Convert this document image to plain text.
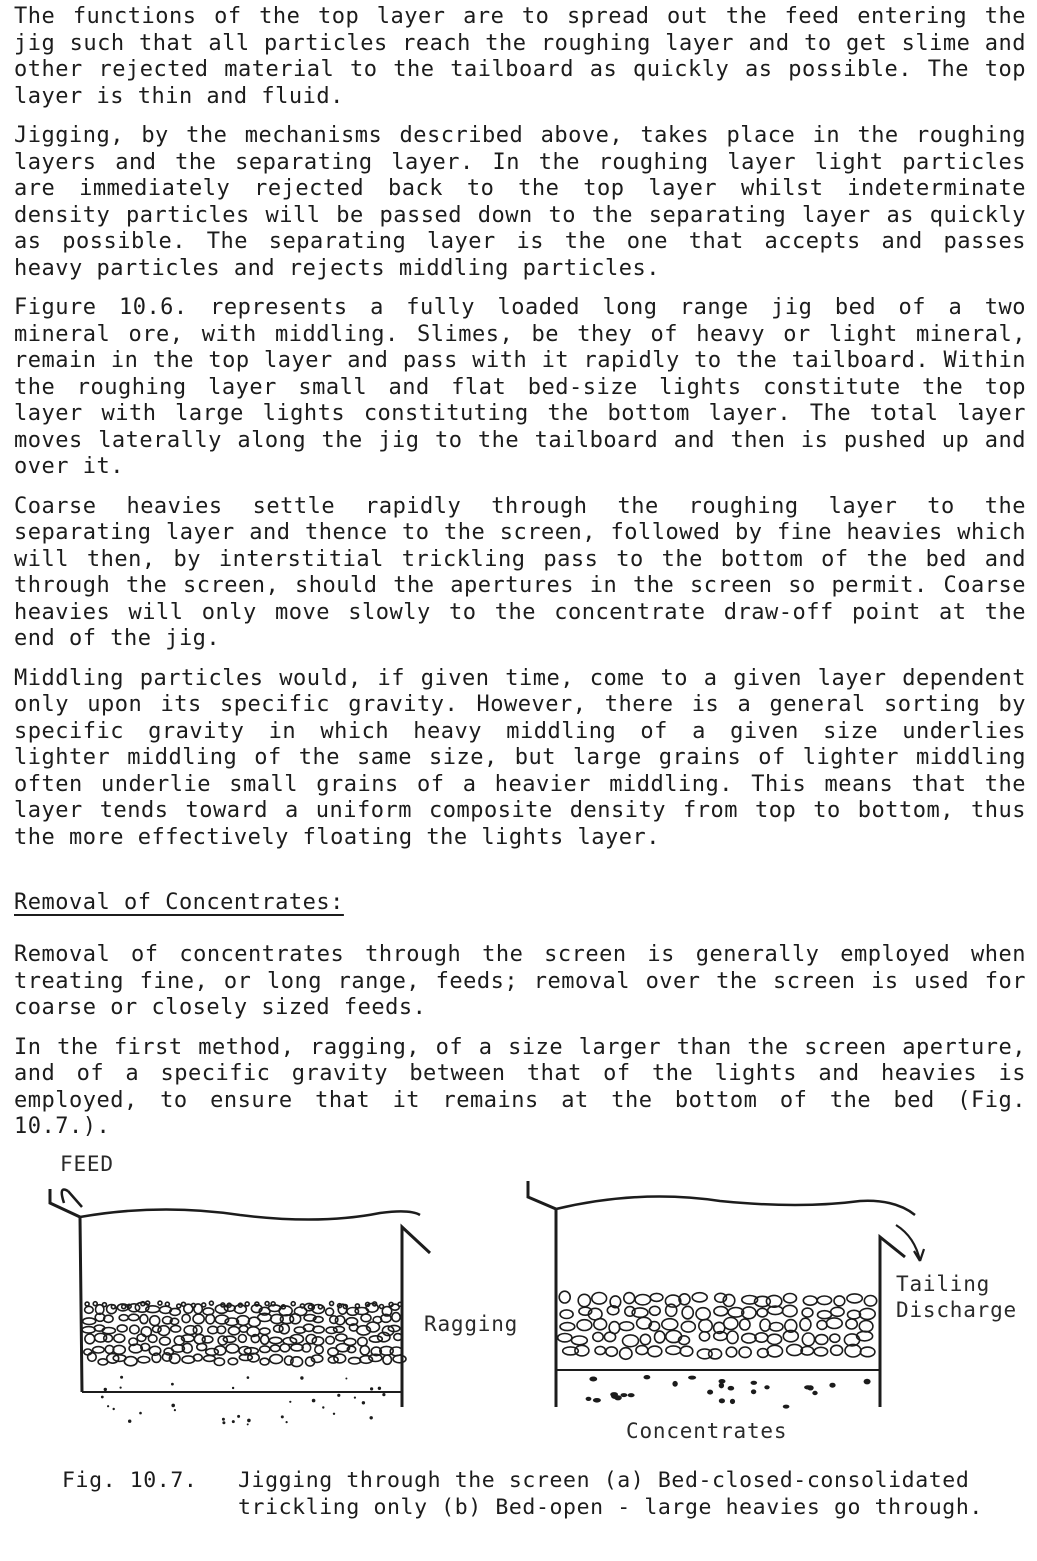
The functions of the top layer are to spread out the feed entering the jig such that all particles reach the roughing layer and to get slime and other rejected material to the tailboard as quickly as possible. The top layer is thin and fluid.

Jigging, by the mechanisms described above, takes place in the roughing layers and the separating layer. In the roughing layer light particles are immediately rejected back to the top layer whilst indeterminate density particles will be passed down to the separating layer as quickly as possible. The separating layer is the one that accepts and passes heavy particles and rejects middling particles.

Figure 10.6. represents a fully loaded long range jig bed of a two mineral ore, with middling. Slimes, be they of heavy or light mineral, remain in the top layer and pass with it rapidly to the tailboard. Within the roughing layer small and flat bed-size lights constitute the top layer with large lights constituting the bottom layer. The total layer moves laterally along the jig to the tailboard and then is pushed up and over it.

Coarse heavies settle rapidly through the roughing layer to the separating layer and thence to the screen, followed by fine heavies which will then, by interstitial trickling pass to the bottom of the bed and through the screen, should the apertures in the screen so permit. Coarse heavies will only move slowly to the concentrate draw-off point at the end of the jig.

Middling particles would, if given time, come to a given layer dependent only upon its specific gravity. However, there is a general sorting by specific gravity in which heavy middling of a given size underlies lighter middling of the same size, but large grains of lighter middling often underlie small grains of a heavier middling. This means that the layer tends toward a uniform composite density from top to bottom, thus the more effectively floating the lights layer.

Removal of Concentrates:

Removal of concentrates through the screen is generally employed when treating fine, or long range, feeds; removal over the screen is used for coarse or closely sized feeds.

In the first method, ragging, of a size larger than the screen aperture, and of a specific gravity between that of the lights and heavies is employed, to ensure that it remains at the bottom of the bed (Fig. 10.7.).

FEED
Ragging
Tailing
Discharge
Concentrates
Fig. 10.7. Jigging through the screen (a) Bed-closed-consolidated
trickling only (b) Bed-open - large heavies go through.
